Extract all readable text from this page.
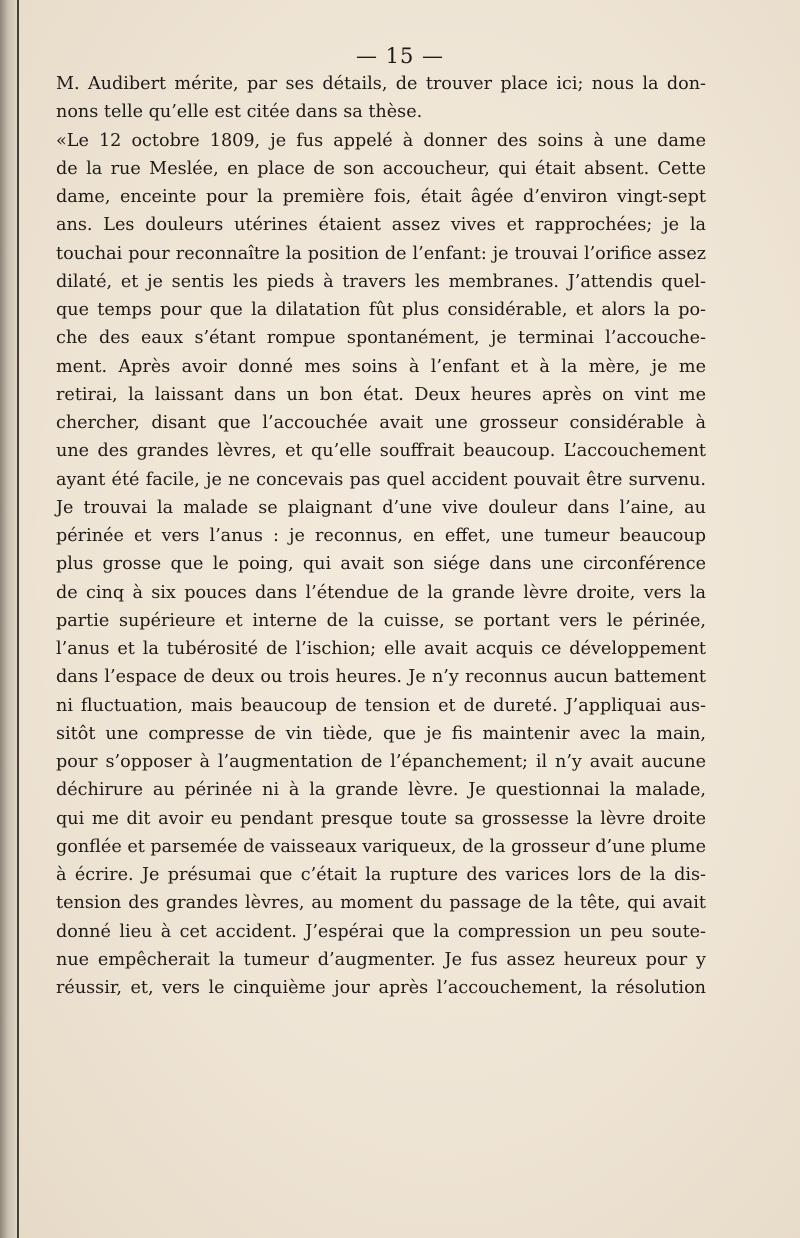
— 15 —
M. Audibert mérite, par ses détails, de trouver place ici; nous la don-
nons telle qu’elle est citée dans sa thèse.
«Le 12 octobre 1809, je fus appelé à donner des soins à une dame
de la rue Meslée, en place de son accoucheur, qui était absent. Cette
dame, enceinte pour la première fois, était âgée d’environ vingt-sept
ans. Les douleurs utérines étaient assez vives et rapprochées; je la
touchai pour reconnaître la position de l’enfant: je trouvai l’orifice assez
dilaté, et je sentis les pieds à travers les membranes. J’attendis quel-
que temps pour que la dilatation fût plus considérable, et alors la po-
che des eaux s’étant rompue spontanément, je terminai l’accouche-
ment. Après avoir donné mes soins à l’enfant et à la mère, je me
retirai, la laissant dans un bon état. Deux heures après on vint me
chercher, disant que l’accouchée avait une grosseur considérable à
une des grandes lèvres, et qu’elle souffrait beaucoup. L’accouchement
ayant été facile, je ne concevais pas quel accident pouvait être survenu.
Je trouvai la malade se plaignant d’une vive douleur dans l’aine, au
périnée et vers l’anus : je reconnus, en effet, une tumeur beaucoup
plus grosse que le poing, qui avait son siége dans une circonférence
de cinq à six pouces dans l’étendue de la grande lèvre droite, vers la
partie supérieure et interne de la cuisse, se portant vers le périnée,
l’anus et la tubérosité de l’ischion; elle avait acquis ce développement
dans l’espace de deux ou trois heures. Je n’y reconnus aucun battement
ni fluctuation, mais beaucoup de tension et de dureté. J’appliquai aus-
sitôt une compresse de vin tiède, que je fis maintenir avec la main,
pour s’opposer à l’augmentation de l’épanchement; il n’y avait aucune
déchirure au périnée ni à la grande lèvre. Je questionnai la malade,
qui me dit avoir eu pendant presque toute sa grossesse la lèvre droite
gonflée et parsemée de vaisseaux variqueux, de la grosseur d’une plume
à écrire. Je présumai que c’était la rupture des varices lors de la dis-
tension des grandes lèvres, au moment du passage de la tête, qui avait
donné lieu à cet accident. J’espérai que la compression un peu soute-
nue empêcherait la tumeur d’augmenter. Je fus assez heureux pour y
réussir, et, vers le cinquième jour après l’accouchement, la résolution
